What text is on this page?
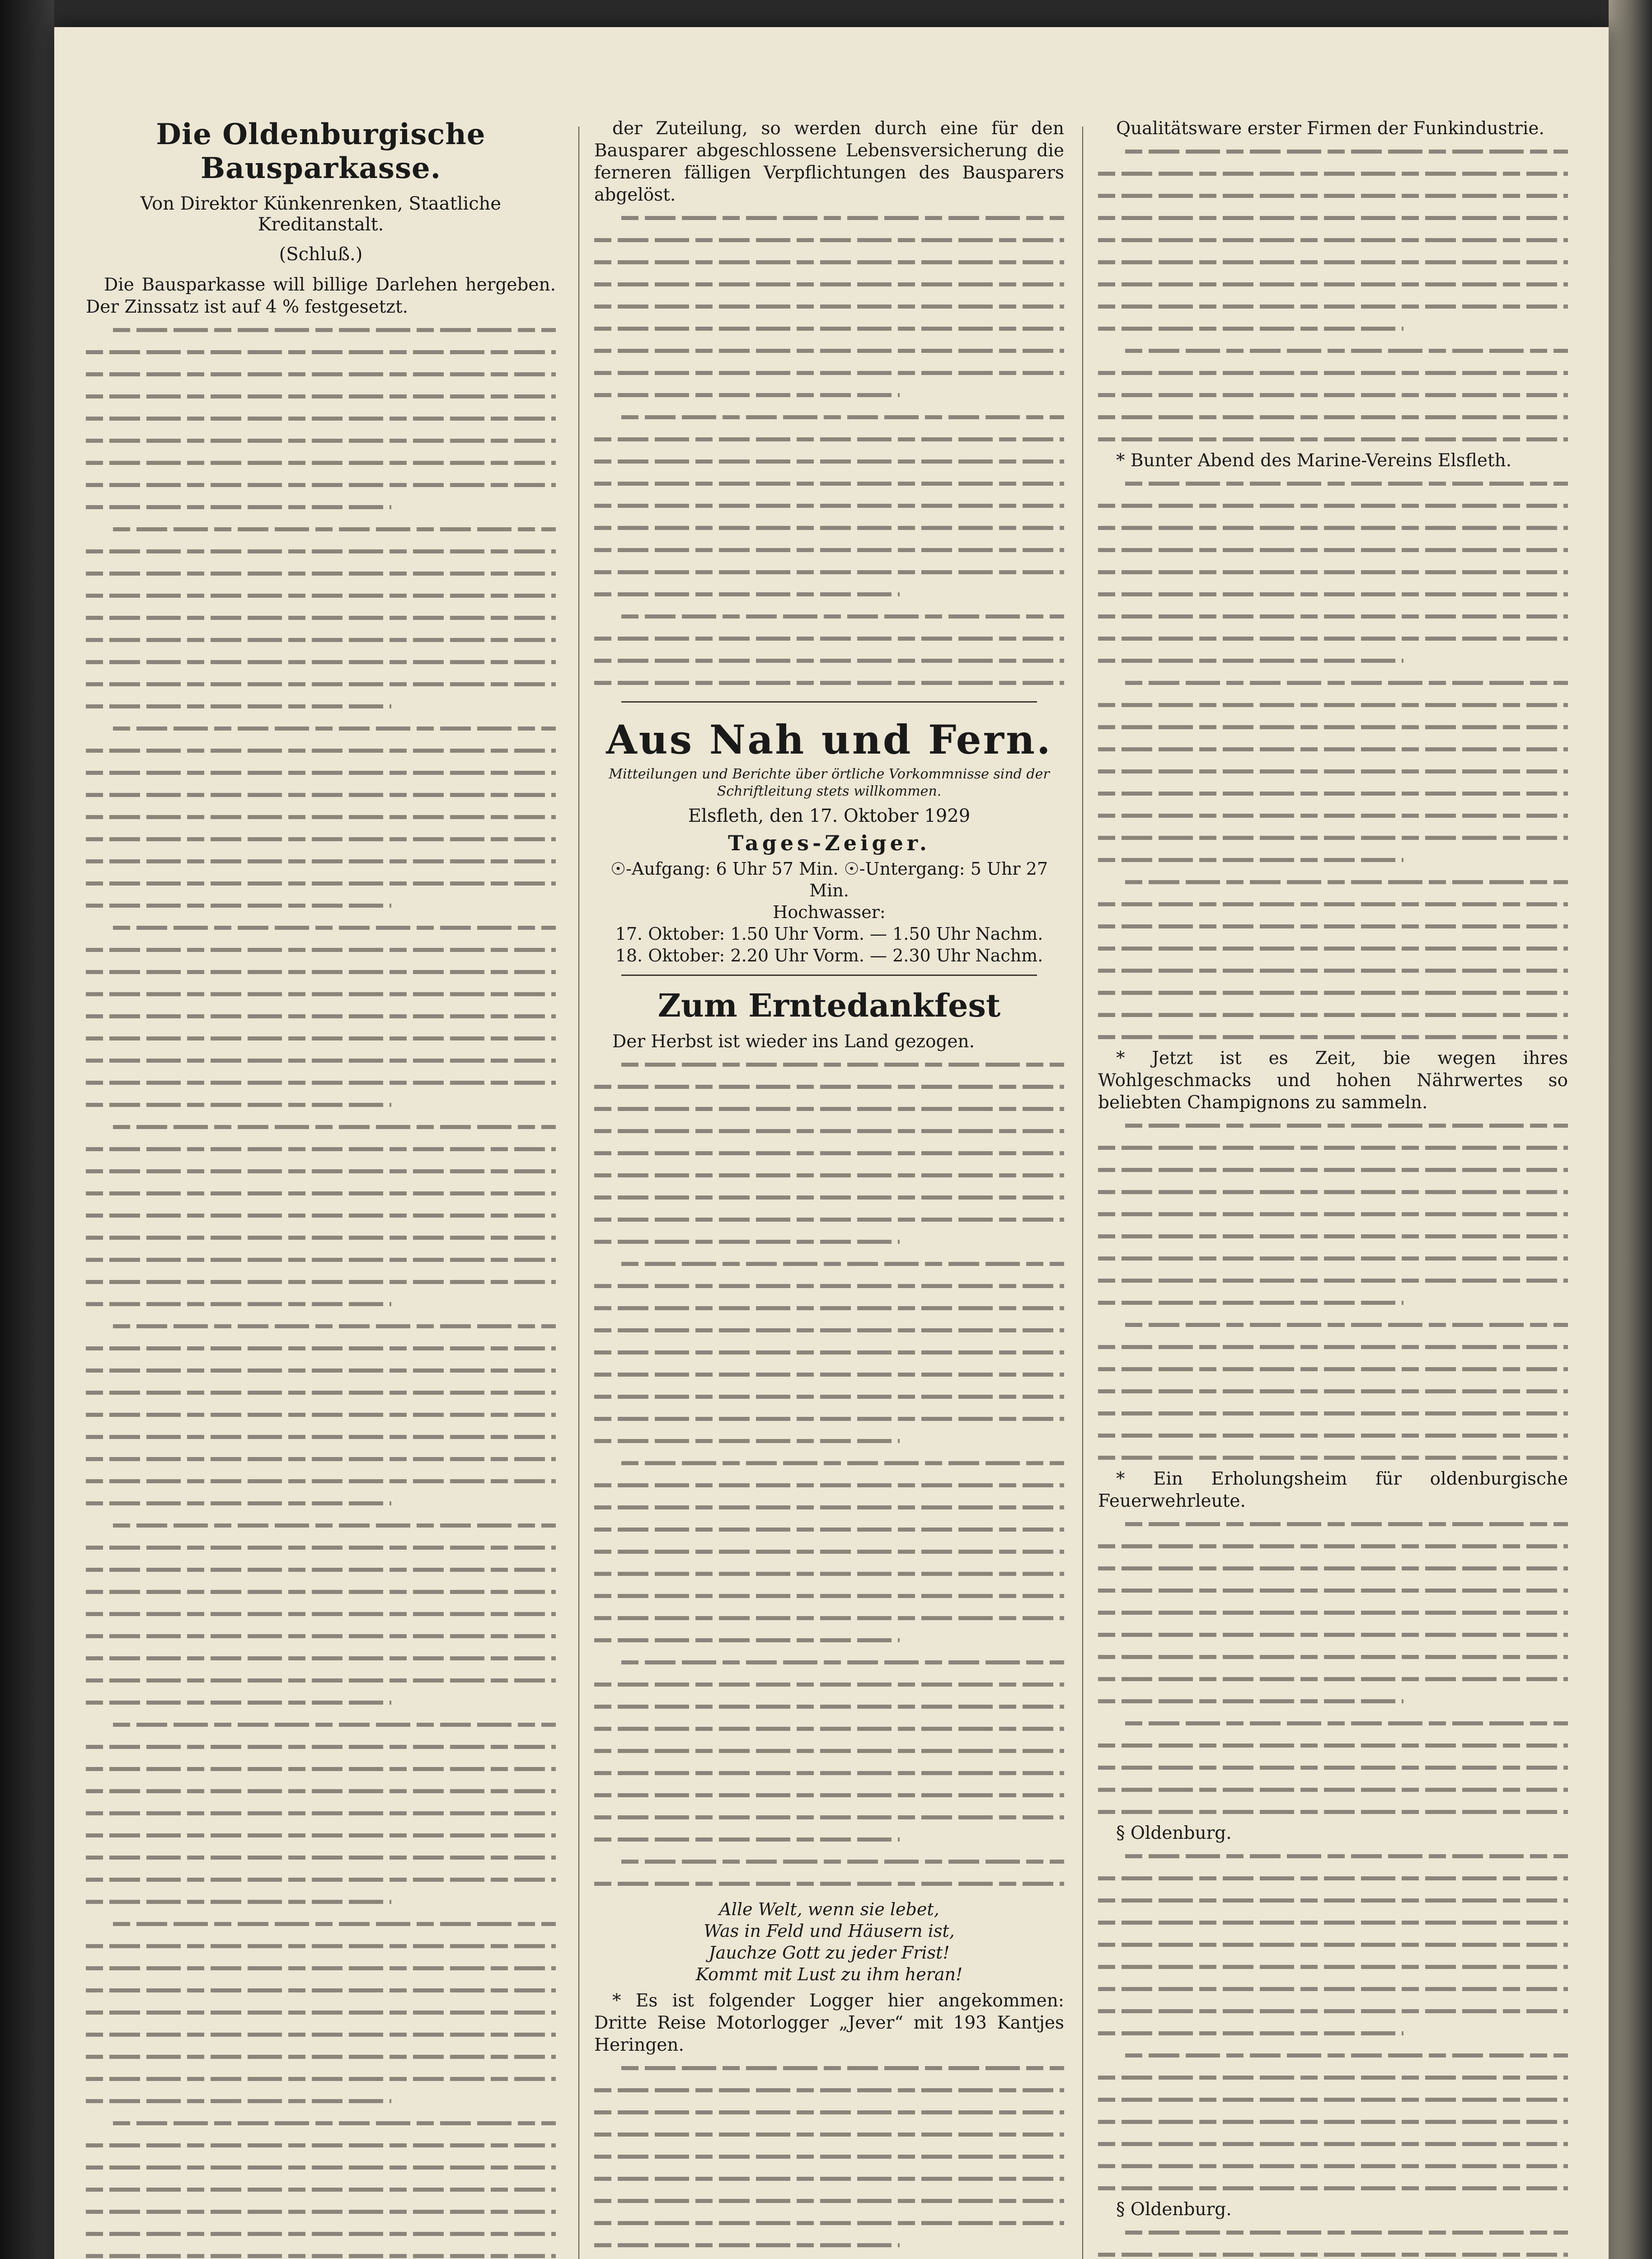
Die Oldenburgische Bausparkasse.
Von Direktor Künkenrenken, Staatliche Kreditanstalt.
(Schluß.)

Die Bausparkasse will billige Darlehen hergeben. Der Zinssatz ist auf 4 % festgesetzt.

der Zuteilung, so werden durch eine für den Bausparer abgeschlossene Lebensversicherung die ferneren fälligen Verpflichtungen des Bausparers abgelöst.

Aus Nah und Fern.
Mitteilungen und Berichte über örtliche Vorkommnisse sind der Schriftleitung stets willkommen.
Elsfleth, den 17. Oktober 1929
Tages-Zeiger.
☉-Aufgang: 6 Uhr 57 Min. ☉-Untergang: 5 Uhr 27 Min.
Hochwasser:
17. Oktober: 1.50 Uhr Vorm. — 1.50 Uhr Nachm.
18. Oktober: 2.20 Uhr Vorm. — 2.30 Uhr Nachm.
Zum Erntedankfest

Der Herbst ist wieder ins Land gezogen.

Alle Welt, wenn sie lebet,
Was in Feld und Häusern ist,
Jauchze Gott zu jeder Frist!
Kommt mit Lust zu ihm heran!

* Es ist folgender Logger hier angekommen: Dritte Reise Motorlogger „Jever“ mit 193 Kantjes Heringen.

Qualitätsware erster Firmen der Funkindustrie.

* Bunter Abend des Marine-Vereins Elsfleth.

* Jetzt ist es Zeit, bie wegen ihres Wohlgeschmacks und hohen Nährwertes so beliebten Champignons zu sammeln.

* Ein Erholungsheim für oldenburgische Feuerwehrleute.

§ Oldenburg.

§ Oldenburg.
